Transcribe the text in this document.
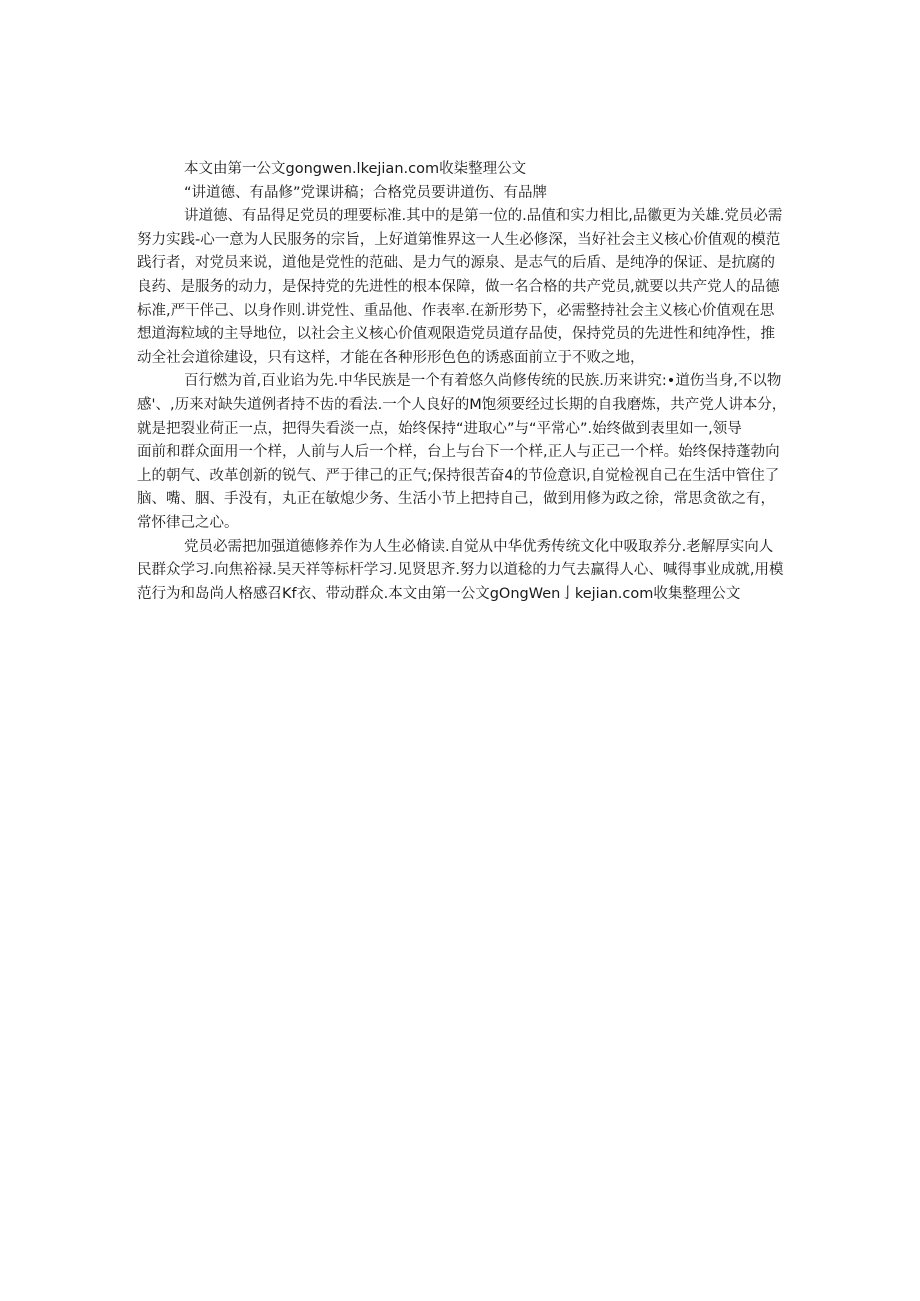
本文由第一公文gongwen.lkejian.com收柒整理公文
“讲道德、有晶修”党课讲稿；合格党员要讲道伤、有品牌
讲道德、有品得足党员的理要标准.其中的是第一位的.品值和实力相比,品徽更为关雄.党员必需
努力实践-心一意为人民服务的宗旨，上好道第惟界这一人生必修深，当好社会主义核心价值观的模范
践行者，对党员来说，道他是党性的范础、是力气的源泉、是志气的后盾、是纯净的保证、是抗腐的
良药、是服务的动力，是保持党的先进性的根本保障，做一名合格的共产党员,就要以共产党人的品德
标准,严干伴己、以身作则.讲党性、重品他、作表率.在新形势下，必需整持社会主义核心价值观在思
想道海粒域的主导地位，以社会主义核心价值观限造党员道存品使，保持党员的先进性和纯净性，推
动全社会道徐建设，只有这样，才能在各种形形色色的诱惑面前立于不败之地，
百行燃为首,百业谄为先.中华民族是一个有着悠久尚修传统的民族.历来讲究:•道伤当身,不以物
感'、,历来对缺失道例者持不齿的看法.一个人良好的M饱须要经过长期的自我磨炼，共产党人讲本分，
就是把裂业荷正一点，把得失看淡一点，始终保持“进取心”与“平常心”.始终做到表里如一,领导
面前和群众面用一个样，人前与人后一个样，台上与台下一个样,正人与正己一个样。始终保持蓬勃向
上的朝气、改革创新的锐气、严于律己的正气;保持很苦奋4的节俭意识,自觉检视自己在生活中管住了
脑、嘴、胭、手没有，丸正在敏熄少务、生活小节上把持自己，做到用修为政之徐，常思贪欲之有，
常怀律己之心。
党员必需把加强道德修养作为人生必脩读.自觉从中华优秀传统文化中吸取养分.老解厚实向人
民群众学习.向焦裕禄.吴天祥等标杆学习.见贤思齐.努力以道稔的力气去赢得人心、喊得事业成就,用模
范行为和岛尚人格感召Kf衣、带动群众.本文由第一公文gOngWen亅kejian.com收集整理公文
